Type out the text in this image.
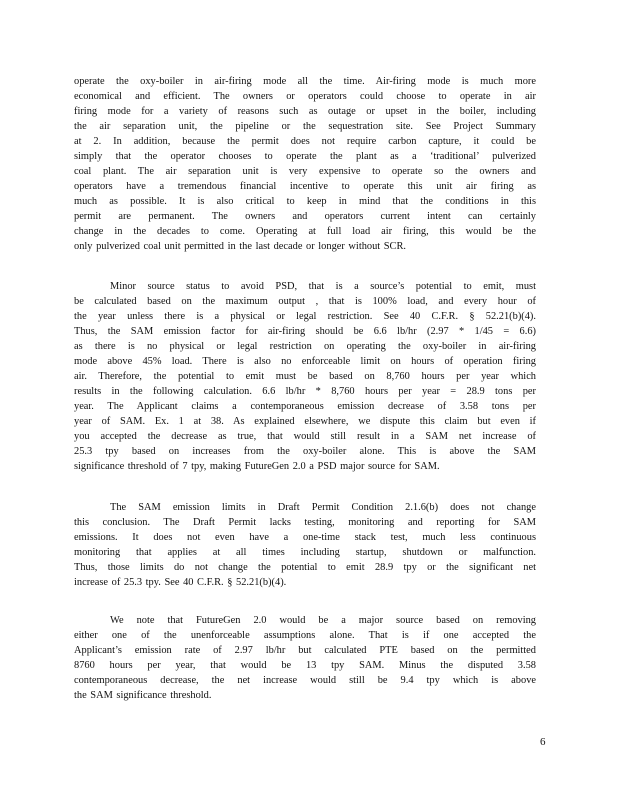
operate the oxy-boiler in air-firing mode all the time. Air-firing mode is much more
economical and efficient. The owners or operators could choose to operate in air
firing mode for a variety of reasons such as outage or upset in the boiler, including
the air separation unit, the pipeline or the sequestration site. See Project Summary
at 2. In addition, because the permit does not require carbon capture, it could be
simply that the operator chooses to operate the plant as a ‘traditional’ pulverized
coal plant. The air separation unit is very expensive to operate so the owners and
operators have a tremendous financial incentive to operate this unit air firing as
much as possible. It is also critical to keep in mind that the conditions in this
permit are permanent. The owners and operators current intent can certainly
change in the decades to come. Operating at full load air firing, this would be the
only pulverized coal unit permitted in the last decade or longer without SCR.
Minor source status to avoid PSD, that is a source’s potential to emit, must
be calculated based on the maximum output , that is 100% load, and every hour of
the year unless there is a physical or legal restriction. See 40 C.F.R. § 52.21(b)(4).
Thus, the SAM emission factor for air-firing should be 6.6 lb/hr (2.97 * 1/45 = 6.6)
as there is no physical or legal restriction on operating the oxy-boiler in air-firing
mode above 45% load. There is also no enforceable limit on hours of operation firing
air. Therefore, the potential to emit must be based on 8,760 hours per year which
results in the following calculation. 6.6 lb/hr * 8,760 hours per year = 28.9 tons per
year. The Applicant claims a contemporaneous emission decrease of 3.58 tons per
year of SAM. Ex. 1 at 38. As explained elsewhere, we dispute this claim but even if
you accepted the decrease as true, that would still result in a SAM net increase of
25.3 tpy based on increases from the oxy-boiler alone. This is above the SAM
significance threshold of 7 tpy, making FutureGen 2.0 a PSD major source for SAM.
The SAM emission limits in Draft Permit Condition 2.1.6(b) does not change
this conclusion. The Draft Permit lacks testing, monitoring and reporting for SAM
emissions. It does not even have a one-time stack test, much less continuous
monitoring that applies at all times including startup, shutdown or malfunction.
Thus, those limits do not change the potential to emit 28.9 tpy or the significant net
increase of 25.3 tpy. See 40 C.F.R. § 52.21(b)(4).
We note that FutureGen 2.0 would be a major source based on removing
either one of the unenforceable assumptions alone. That is if one accepted the
Applicant’s emission rate of 2.97 lb/hr but calculated PTE based on the permitted
8760 hours per year, that would be 13 tpy SAM. Minus the disputed 3.58
contemporaneous decrease, the net increase would still be 9.4 tpy which is above
the SAM significance threshold.
6
